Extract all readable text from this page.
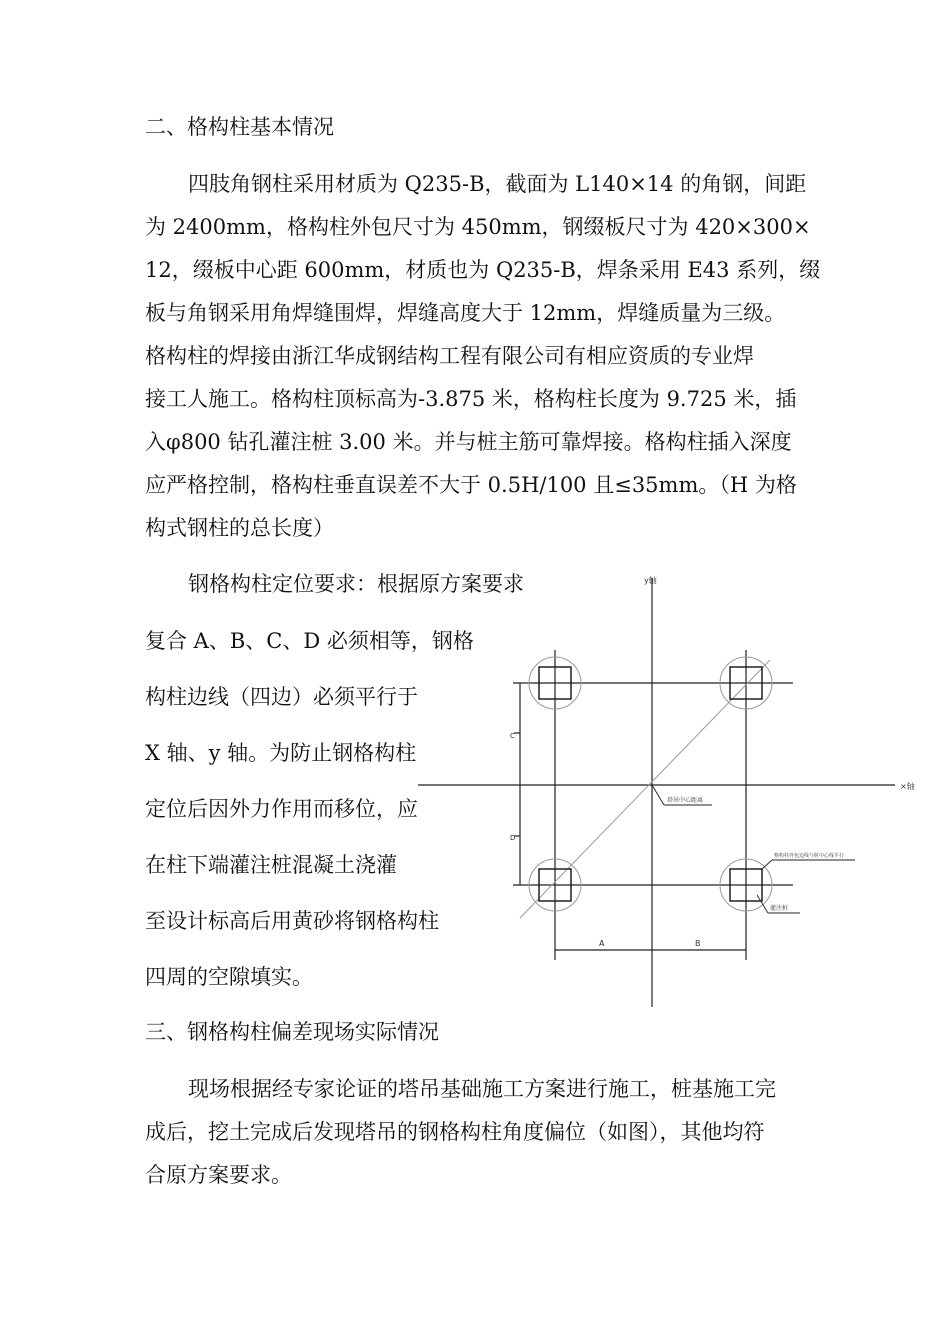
二、格构柱基本情况
四肢角钢柱采用材质为 Q235-B，截面为 L140×14 的角钢，间距
为 2400mm，格构柱外包尺寸为 450mm，钢缀板尺寸为 420×300×
12，缀板中心距 600mm，材质也为 Q235-B，焊条采用 E43 系列，缀
板与角钢采用角焊缝围焊，焊缝高度大于 12mm，焊缝质量为三级。
格构柱的焊接由浙江华成钢结构工程有限公司有相应资质的专业焊
接工人施工。格构柱顶标高为-3.875 米，格构柱长度为 9.725 米，插
入φ800 钻孔灌注桩 3.00 米。并与桩主筋可靠焊接。格构柱插入深度
应严格控制，格构柱垂直误差不大于 0.5H/100 且≤35mm。（H 为格
构式钢柱的总长度）
钢格构柱定位要求：根据原方案要求
复合 A、B、C、D 必须相等，钢格
构柱边线（四边）必须平行于
X 轴、y 轴。为防止钢格构柱
定位后因外力作用而移位，应
在柱下端灌注桩混凝土浇灌
至设计标高后用黄砂将钢格构柱
四周的空隙填实。
三、钢格构柱偏差现场实际情况
现场根据经专家论证的塔吊基础施工方案进行施工，桩基施工完
成后，挖土完成后发现塔吊的钢格构柱角度偏位（如图），其他均符
合原方案要求。
y轴
×轴
C
D
A	B
塔吊中心距离
格构柱外包边线与桩中心线平行
灌注桩
